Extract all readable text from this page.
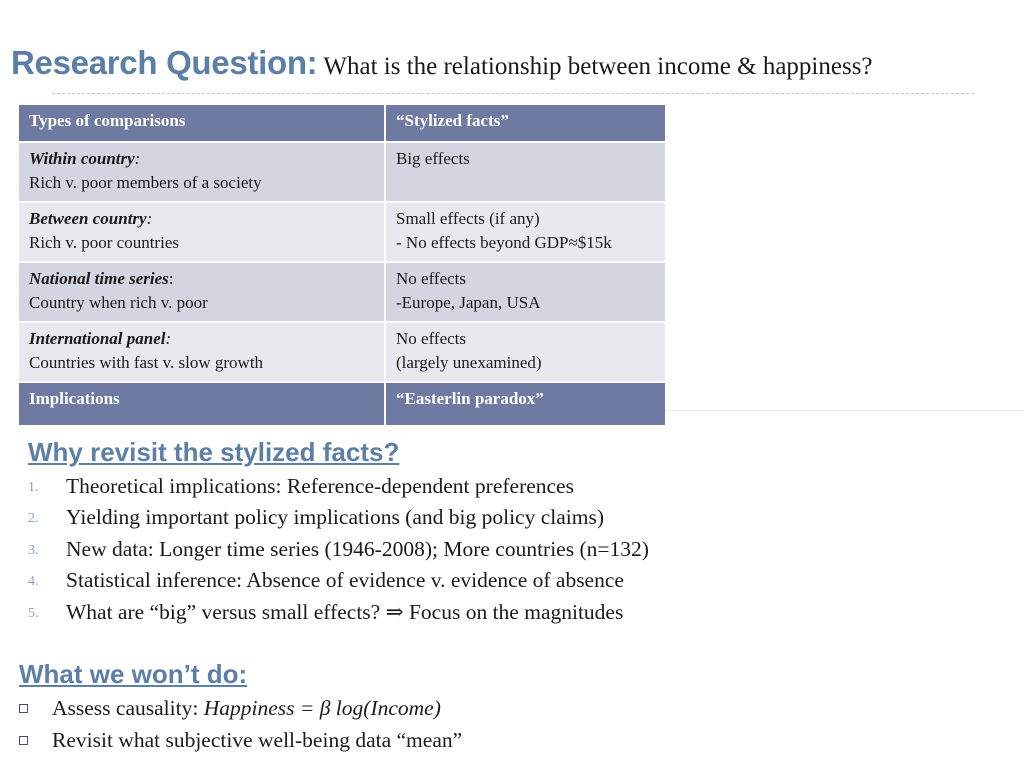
Research Question: What is the relationship between income & happiness?
Types of comparisons	“Stylized facts”
Within country:
Rich v. poor members of a society	Big effects

Between country:
Rich v. poor countries	Small effects (if any)
- No effects beyond GDP≈$15k
National time series:
Country when rich v. poor	No effects
-Europe, Japan, USA
International panel:
Countries with fast v. slow growth	No effects
(largely unexamined)
Implications	“Easterlin paradox”
Why revisit the stylized facts?
1. Theoretical implications: Reference-dependent preferences
2. Yielding important policy implications (and big policy claims)
3. New data: Longer time series (1946-2008); More countries (n=132)
4. Statistical inference: Absence of evidence v. evidence of absence
5. What are “big” versus small effects? ⇒ Focus on the magnitudes
What we won’t do:
Assess causality: Happiness = β log(Income)
Revisit what subjective well-being data “mean”
